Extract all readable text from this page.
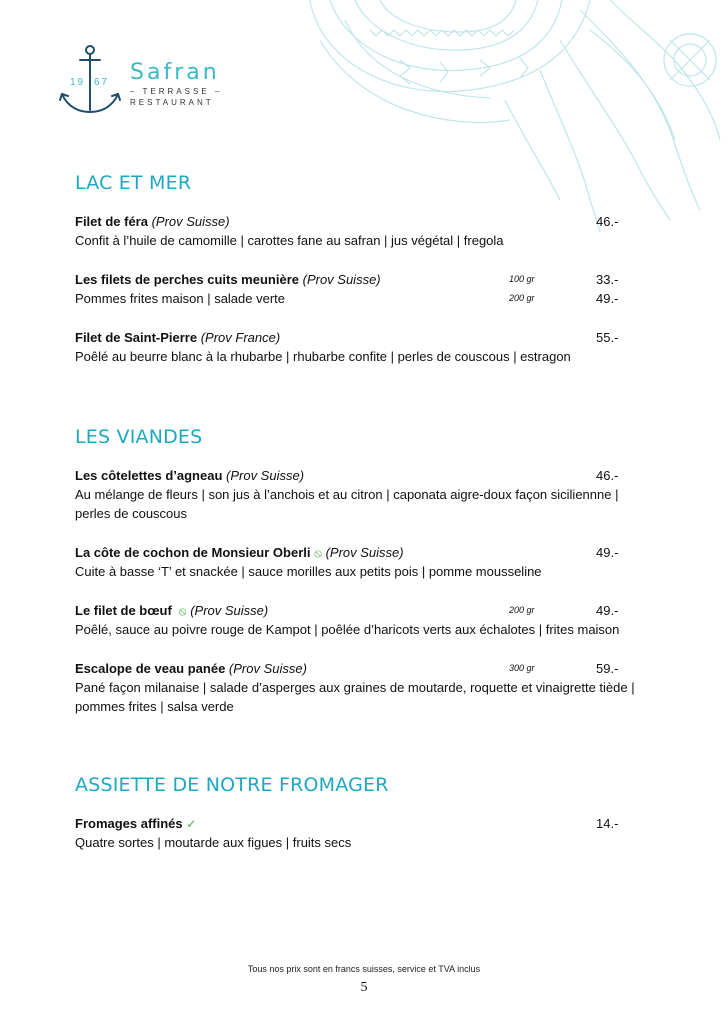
19 67 Safran
– TERRASSE –
RESTAURANT
LAC ET MER
Filet de féra (Prov Suisse)	46.-
Confit à l’huile de camomille | carottes fane au safran | jus végétal | fregola
Les filets de perches cuits meunière (Prov Suisse)	100 gr	33.-
Pommes frites maison | salade verte	200 gr	49.-
Filet de Saint-Pierre (Prov France)	55.-
Poêlé au beurre blanc à la rhubarbe | rhubarbe confite | perles de couscous | estragon
LES VIANDES
Les côtelettes d’agneau (Prov Suisse)	46.-
Au mélange de fleurs | son jus à l’anchois et au citron | caponata aigre-doux façon siciliennne | perles de couscous
La côte de cochon de Monsieur Oberli ⦸ (Prov Suisse)	49.-
Cuite à basse ‘T’ et snackée | sauce morilles aux petits pois | pomme mousseline
Le filet de bœuf  ⦸ (Prov Suisse)	200 gr	49.-
Poêlé, sauce au poivre rouge de Kampot | poêlée d’haricots verts aux échalotes | frites maison
Escalope de veau panée (Prov Suisse)	300 gr	59.-
Pané façon milanaise | salade d’asperges aux graines de moutarde, roquette et vinaigrette tiède | pommes frites | salsa verde
ASSIETTE DE NOTRE FROMAGER
Fromages affinés ✓	14.-
Quatre sortes | moutarde aux figues | fruits secs
Tous nos prix sont en francs suisses, service et TVA inclus
5
